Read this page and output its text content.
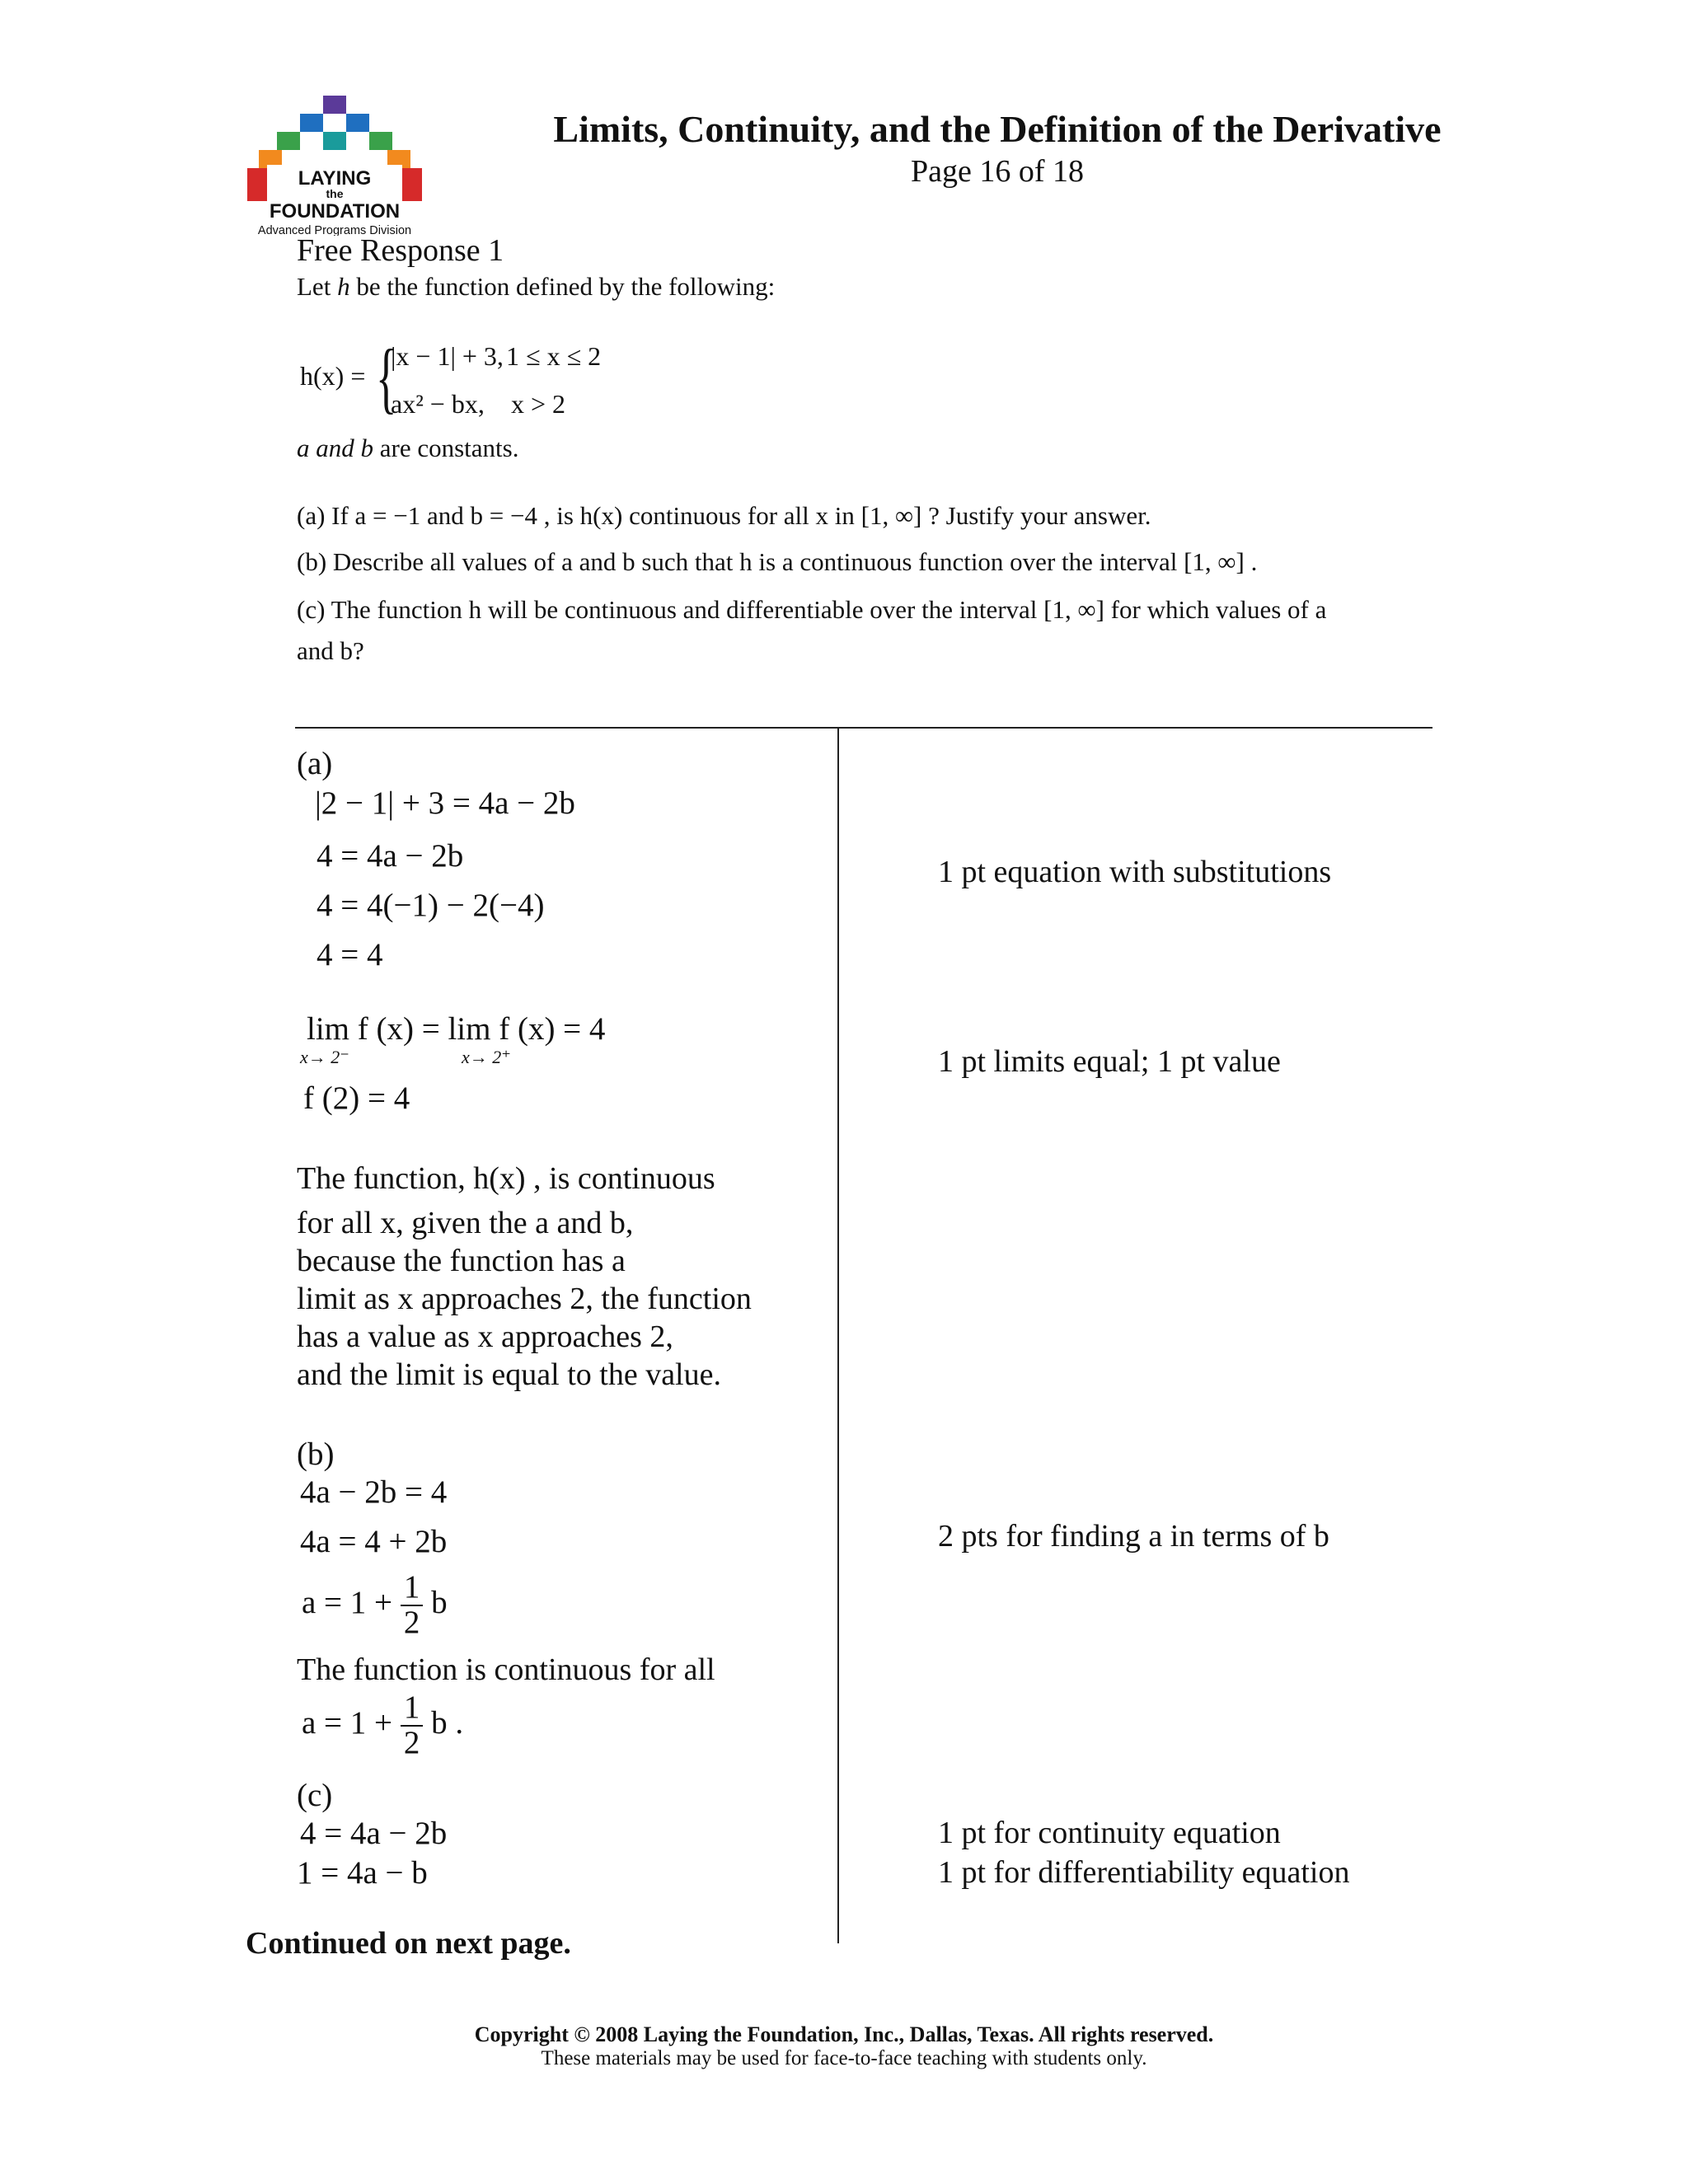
LAYING
the
FOUNDATION
Advanced Programs Division
Limits, Continuity, and the Definition of the Derivative
Page 16 of 18
Free Response 1
Let h be the function defined by the following:
h(x) = {
|x − 1| + 3, 1 ≤ x ≤ 2
ax² − bx, x > 2
a and b are constants.
(a) If a = −1 and b = −4 , is h(x) continuous for all x in [1, ∞] ? Justify your answer.
(b) Describe all values of a and b such that h is a continuous function over the interval [1, ∞] .
(c) The function h will be continuous and differentiable over the interval [1, ∞] for which values of a
and b?
(a)
|2 − 1| + 3 = 4a − 2b
4 = 4a − 2b
4 = 4(−1) − 2(−4)
4 = 4
lim f (x) = lim f (x) = 4
x→ 2⁻	x→ 2⁺
f (2) = 4
The function, h(x) , is continuous
for all x, given the a and b,
because the function has a
limit as x approaches 2, the function
has a value as x approaches 2,
and the limit is equal to the value.
(b)
4a − 2b = 4
4a = 4 + 2b
$a = 1 + \frac{1}{2}$ b
The function is continuous for all
$a = 1 + \frac{1}{2}$ b .
(c)
4 = 4a − 2b
1 = 4a − b
1 pt equation with substitutions
1 pt limits equal; 1 pt value
2 pts for finding a in terms of b
1 pt for continuity equation
1 pt for differentiability equation
Continued on next page.
Copyright © 2008 Laying the Foundation, Inc., Dallas, Texas. All rights reserved.
These materials may be used for face-to-face teaching with students only.
